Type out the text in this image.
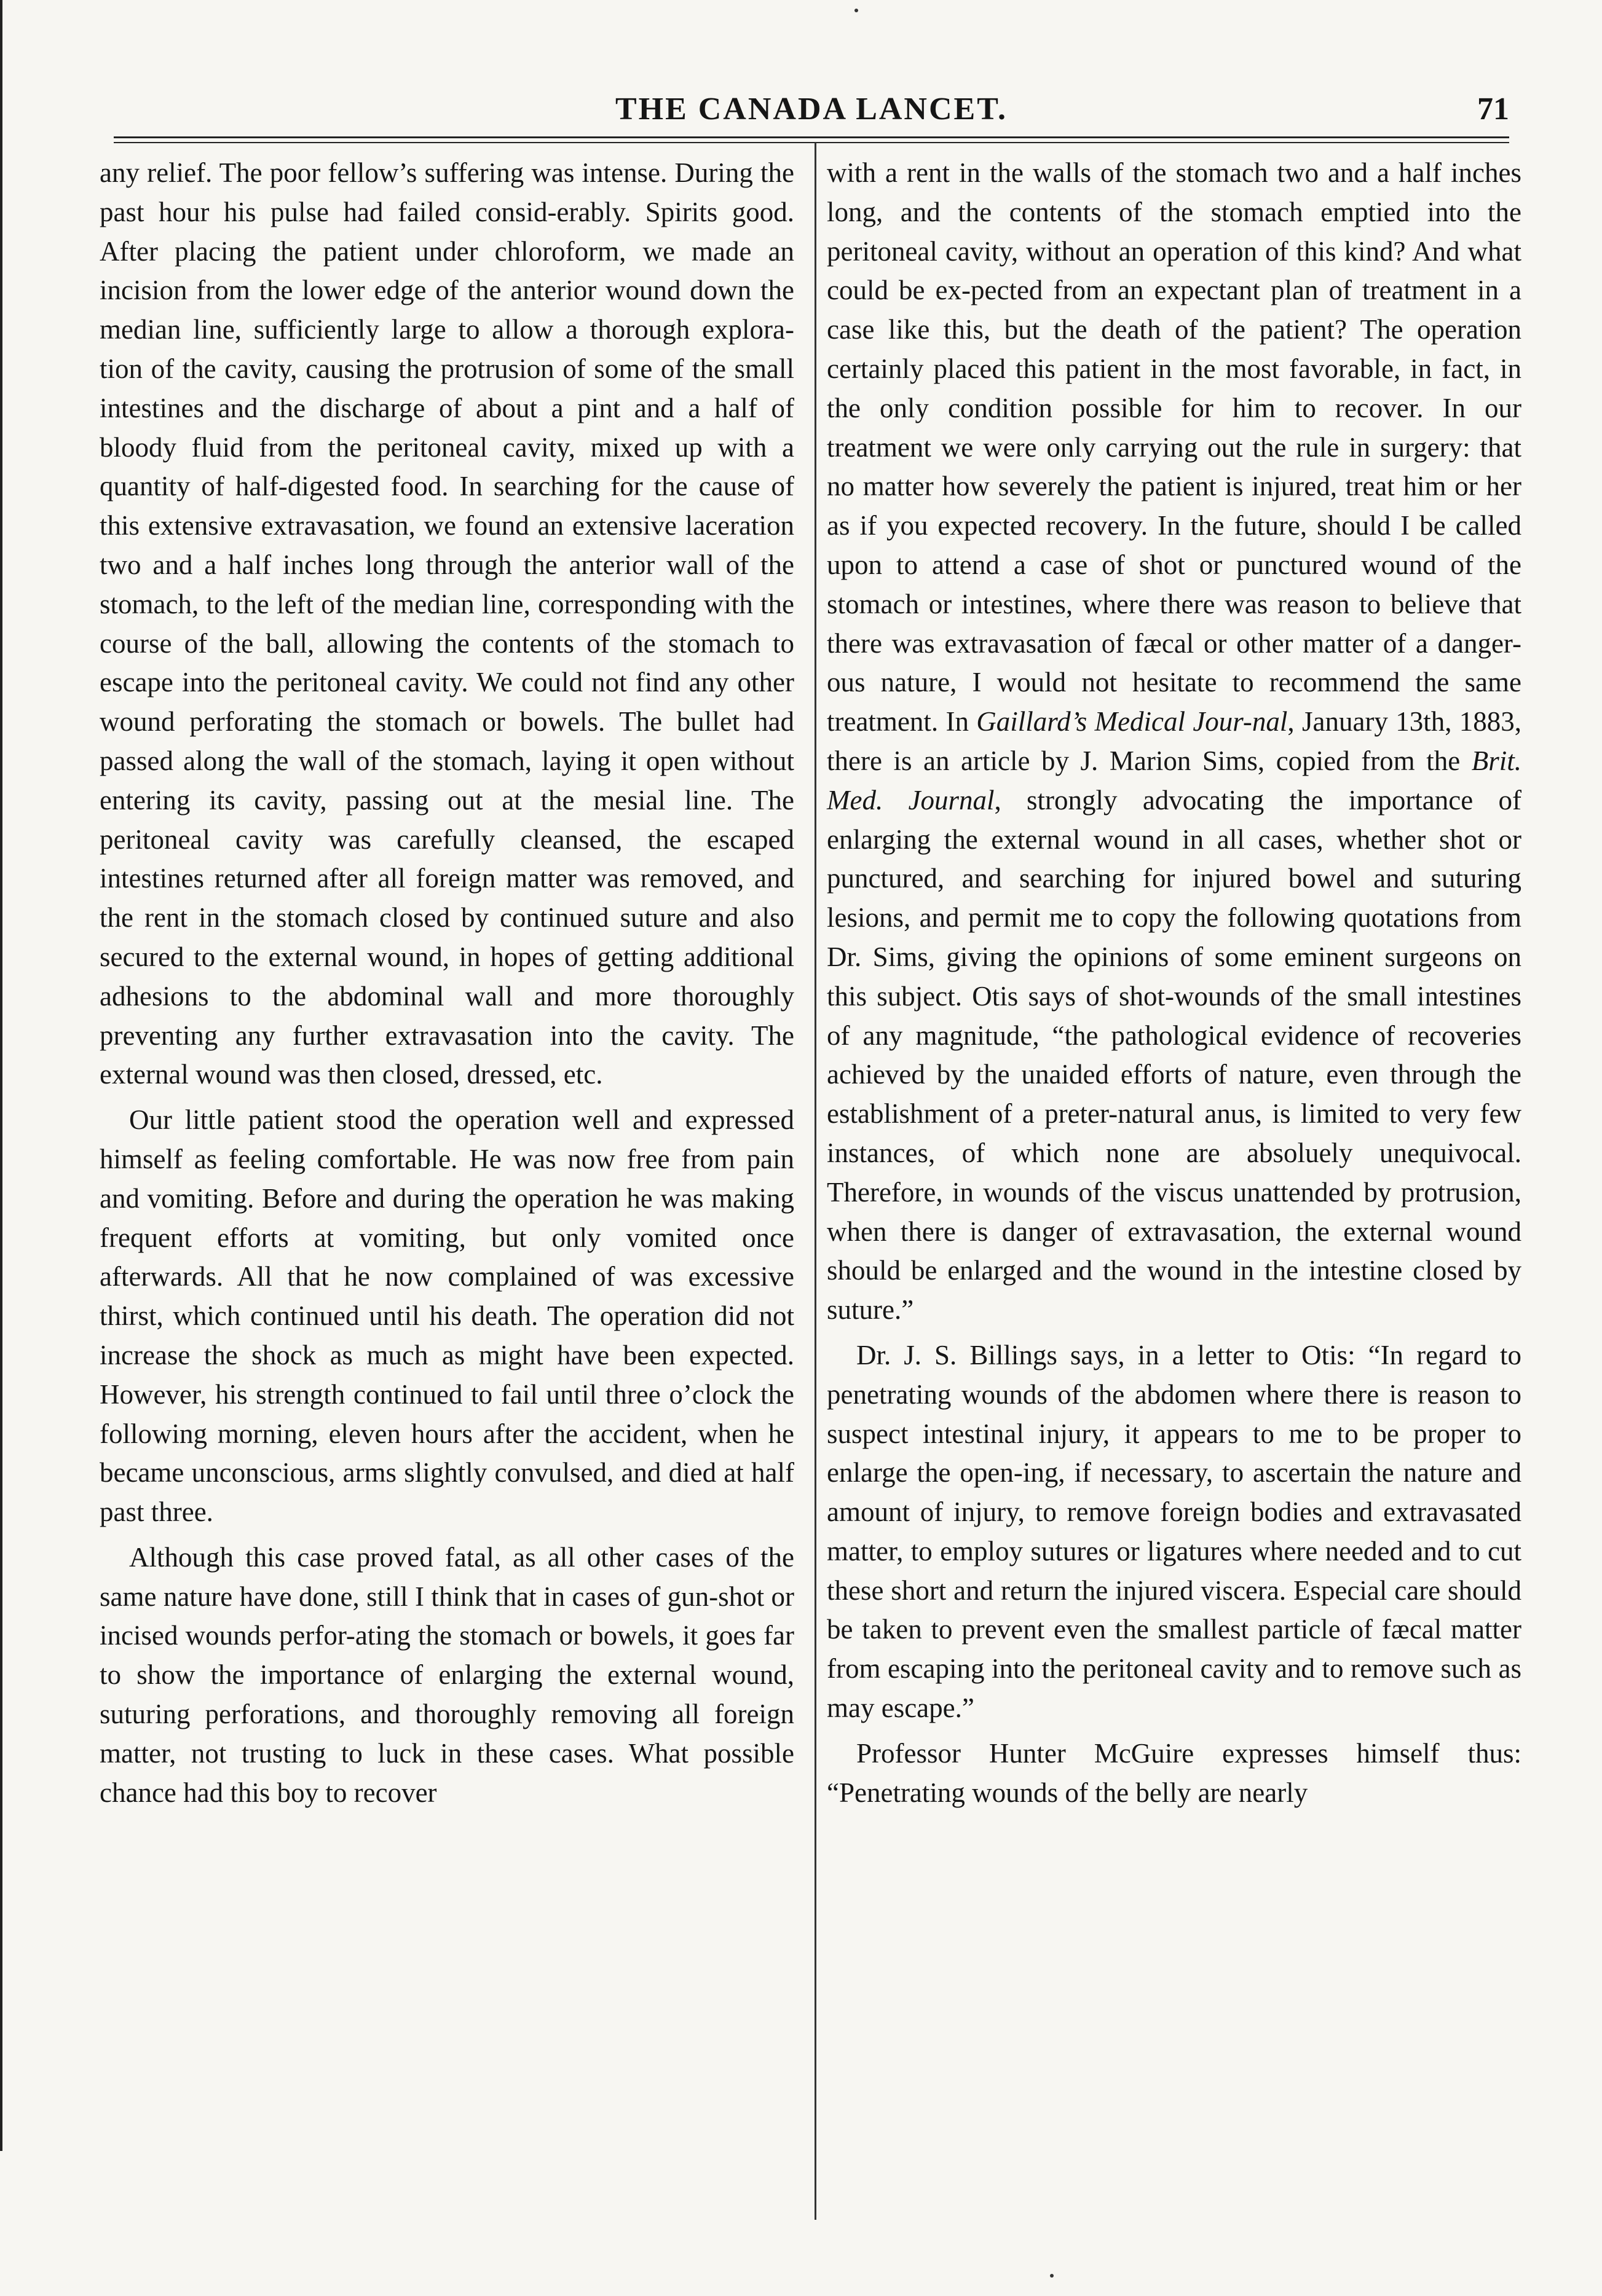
THE CANADA LANCET.	71

any relief. The poor fellow’s suffering was intense. During the past hour his pulse had failed consid-erably. Spirits good. After placing the patient under chloroform, we made an incision from the lower edge of the anterior wound down the median line, sufficiently large to allow a thorough explora-tion of the cavity, causing the protrusion of some of the small intestines and the discharge of about a pint and a half of bloody fluid from the peritoneal cavity, mixed up with a quantity of half-digested food. In searching for the cause of this extensive extravasation, we found an extensive laceration two and a half inches long through the anterior wall of the stomach, to the left of the median line, corresponding with the course of the ball, allowing the contents of the stomach to escape into the peritoneal cavity. We could not find any other wound perforating the stomach or bowels. The bullet had passed along the wall of the stomach, laying it open without entering its cavity, passing out at the mesial line. The peritoneal cavity was carefully cleansed, the escaped intestines returned after all foreign matter was removed, and the rent in the stomach closed by continued suture and also secured to the external wound, in hopes of getting additional adhesions to the abdominal wall and more thoroughly preventing any further extravasation into the cavity. The external wound was then closed, dressed, etc.

Our little patient stood the operation well and expressed himself as feeling comfortable. He was now free from pain and vomiting. Before and during the operation he was making frequent efforts at vomiting, but only vomited once afterwards. All that he now complained of was excessive thirst, which continued until his death. The operation did not increase the shock as much as might have been expected. However, his strength continued to fail until three o’clock the following morning, eleven hours after the accident, when he became unconscious, arms slightly convulsed, and died at half past three.

Although this case proved fatal, as all other cases of the same nature have done, still I think that in cases of gun-shot or incised wounds perfor-ating the stomach or bowels, it goes far to show the importance of enlarging the external wound, suturing perforations, and thoroughly removing all foreign matter, not trusting to luck in these cases. What possible chance had this boy to recover

with a rent in the walls of the stomach two and a half inches long, and the contents of the stomach emptied into the peritoneal cavity, without an operation of this kind? And what could be ex-pected from an expectant plan of treatment in a case like this, but the death of the patient? The operation certainly placed this patient in the most favorable, in fact, in the only condition possible for him to recover. In our treatment we were only carrying out the rule in surgery: that no matter how severely the patient is injured, treat him or her as if you expected recovery. In the future, should I be called upon to attend a case of shot or punctured wound of the stomach or intestines, where there was reason to believe that there was extravasation of fæcal or other matter of a danger-ous nature, I would not hesitate to recommend the same treatment. In Gaillard’s Medical Jour-nal, January 13th, 1883, there is an article by J. Marion Sims, copied from the Brit. Med. Journal, strongly advocating the importance of enlarging the external wound in all cases, whether shot or punctured, and searching for injured bowel and suturing lesions, and permit me to copy the following quotations from Dr. Sims, giving the opinions of some eminent surgeons on this subject. Otis says of shot-wounds of the small intestines of any magnitude, “the pathological evidence of recoveries achieved by the unaided efforts of nature, even through the establishment of a preter-natural anus, is limited to very few instances, of which none are absoluely unequivocal. Therefore, in wounds of the viscus unattended by protrusion, when there is danger of extravasation, the external wound should be enlarged and the wound in the intestine closed by suture.”

Dr. J. S. Billings says, in a letter to Otis: “In regard to penetrating wounds of the abdomen where there is reason to suspect intestinal injury, it appears to me to be proper to enlarge the open-ing, if necessary, to ascertain the nature and amount of injury, to remove foreign bodies and extravasated matter, to employ sutures or ligatures where needed and to cut these short and return the injured viscera. Especial care should be taken to prevent even the smallest particle of fæcal matter from escaping into the peritoneal cavity and to remove such as may escape.”

Professor Hunter McGuire expresses himself thus: “Penetrating wounds of the belly are nearly
